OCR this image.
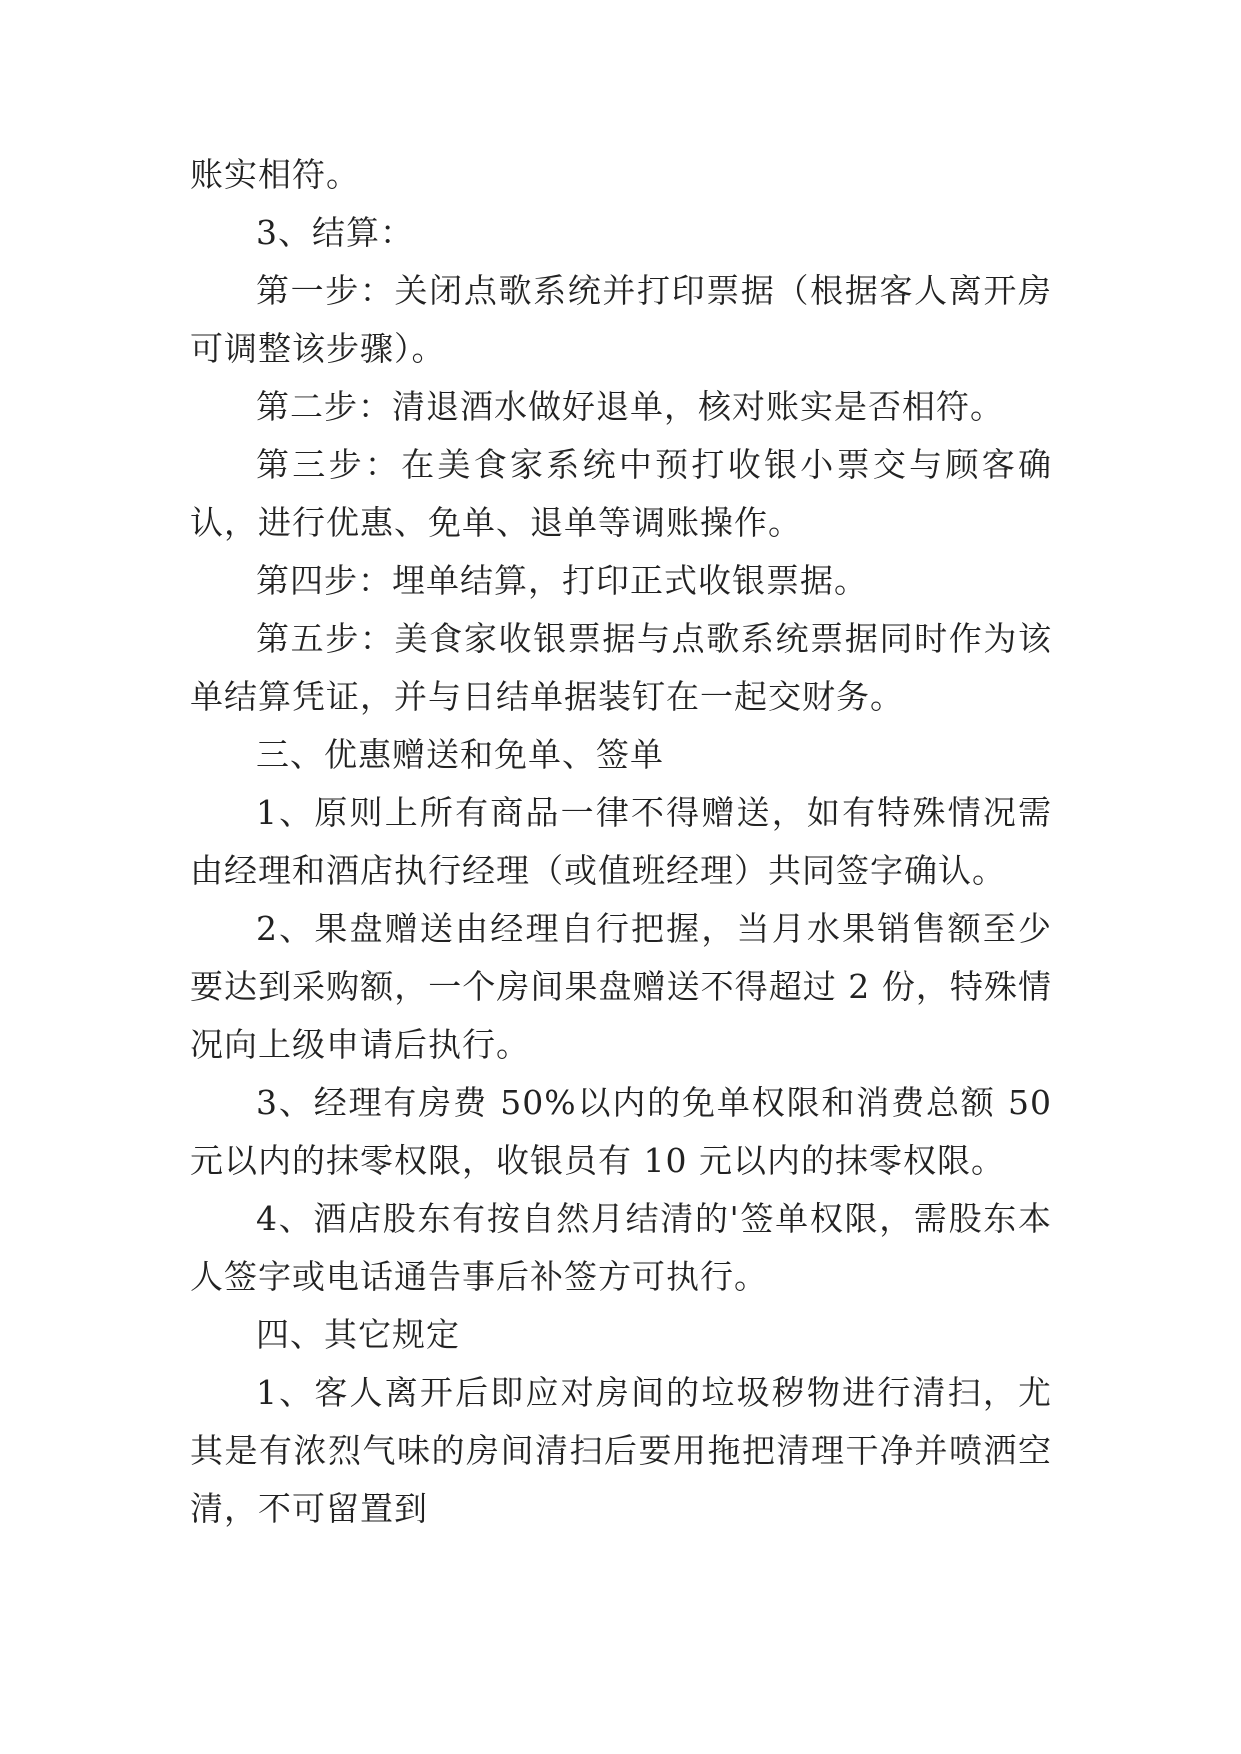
账实相符。

3、结算：

第一步：关闭点歌系统并打印票据（根据客人离开房可调整该步骤）。

第二步：清退酒水做好退单，核对账实是否相符。

第三步：在美食家系统中预打收银小票交与顾客确认，进行优惠、免单、退单等调账操作。

第四步：埋单结算，打印正式收银票据。

第五步：美食家收银票据与点歌系统票据同时作为该单结算凭证，并与日结单据装钉在一起交财务。

三、优惠赠送和免单、签单

1、原则上所有商品一律不得赠送，如有特殊情况需由经理和酒店执行经理（或值班经理）共同签字确认。

2、果盘赠送由经理自行把握，当月水果销售额至少要达到采购额，一个房间果盘赠送不得超过 2 份，特殊情况向上级申请后执行。

3、经理有房费 50%以内的免单权限和消费总额 50 元以内的抹零权限，收银员有 10 元以内的抹零权限。

4、酒店股东有按自然月结清的'签单权限，需股东本人签字或电话通告事后补签方可执行。

四、其它规定

1、客人离开后即应对房间的垃圾秽物进行清扫，尤其是有浓烈气味的房间清扫后要用拖把清理干净并喷洒空清，不可留置到
